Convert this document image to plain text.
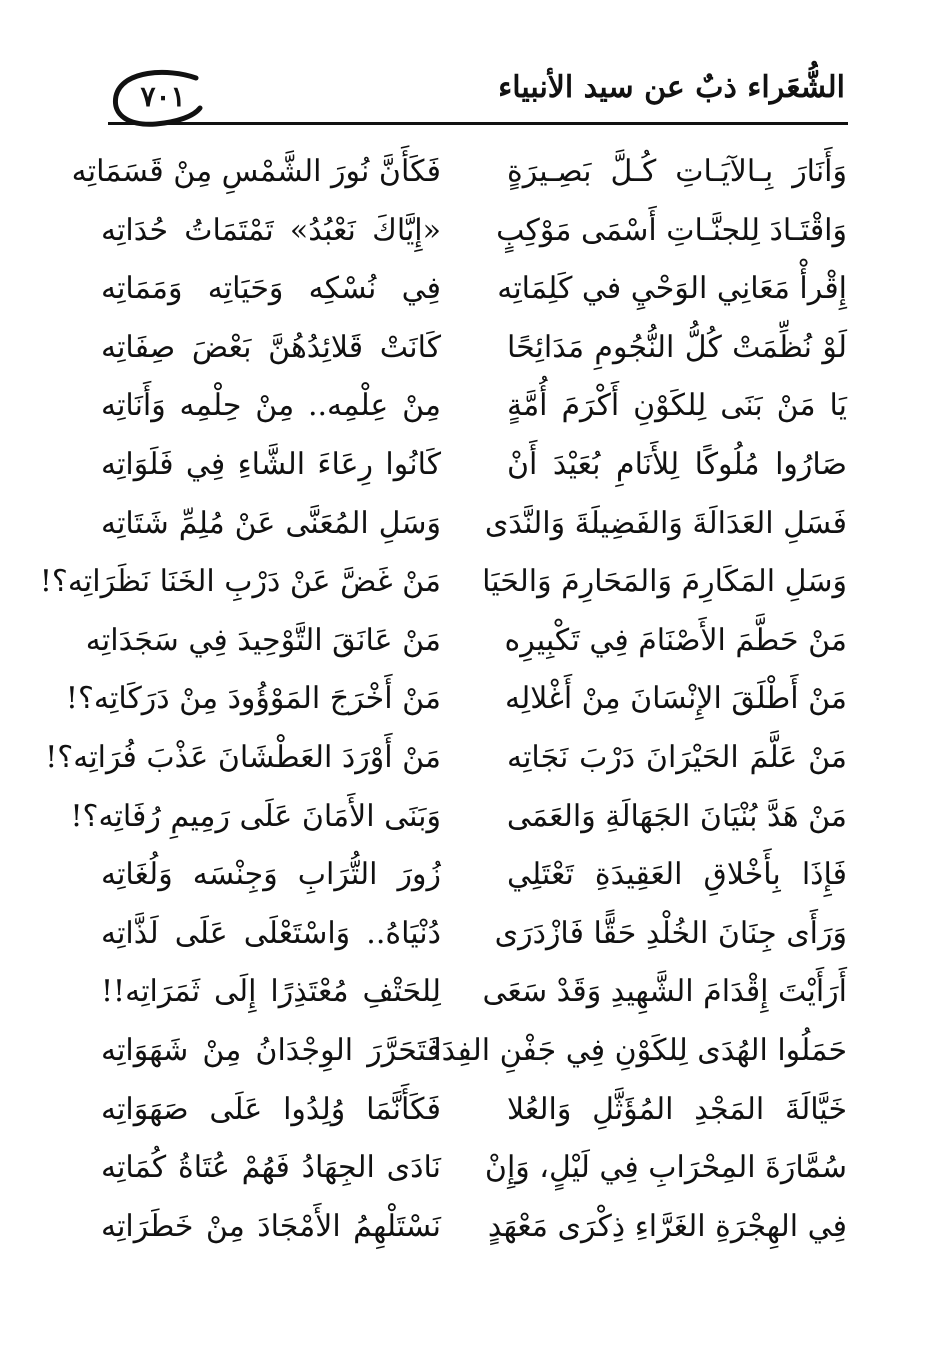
الشُّعَراء ذبٌ عن سيد الأنبياء
٧٠١
وَأَنَارَ بِـالآيَـاتِ كُـلَّ بَصِـيرَةٍ
وَاقْتَـادَ لِلجنَّـاتِ أَسْمَى مَوْكِبٍ
إِقْرأْ مَعَانِي الوَحْيِ في كَلِمَاتِه
لَوْ نُظِّمَتْ كُلُّ النُّجُومِ مَدَائِحًا
يَا مَنْ بَنَى لِلكَوْنِ أَكْرَمَ أُمَّةٍ
صَارُوا مُلُوكًا لِلأَنَامِ بُعَيْدَ أَنْ
فَسَلِ العَدَالَةَ وَالفَضِيلَةَ وَالنَّدَى
وَسَلِ المَكَارِمَ وَالمَحَارِمَ وَالحَيَا
مَنْ حَطَّمَ الأَصْنَامَ فِي تَكْبِيرِه
مَنْ أَطْلَقَ الإِنْسَانَ مِنْ أَغْلالِه
مَنْ عَلَّمَ الحَيْرَانَ دَرْبَ نَجَاتِه
مَنْ هَدَّ بُنْيَانَ الجَهَالَةِ وَالعَمَى
فَإِذَا بِأَخْلاقِ العَقِيدَةِ تَعْتَلِي
وَرَأَى جِنَانَ الخُلْدِ حَقًّا فَازْدَرَى
أَرَأَيْتَ إِقْدَامَ الشَّهِيدِ وَقَدْ سَعَى
حَمَلُوا الهُدَى لِلكَوْنِ فِي جَفْنِ الفِدَا
خَيَّالَةَ المَجْدِ المُؤَثَّلِ وَالعُلا
سُمَّارَةَ المِحْرَابِ فِي لَيْلٍ، وَإِنْ
فِي الهِجْرَةِ الغَرَّاءِ ذِكْرَى مَعْهَدٍ
فَكَأَنَّ نُورَ الشَّمْسِ مِنْ قَسَمَاتِه
«إِيَّاكَ نَعْبُدُ» تَمْتَمَاتُ حُدَاتِه
فِي نُسْكِه وَحَيَاتِه وَمَمَاتِه
كَانَتْ قَلائِدُهُنَّ بَعْضَ صِفَاتِه
مِنْ عِلْمِه.. مِنْ حِلْمِه وَأَنَاتِه
كَانُوا رِعَاءَ الشَّاءِ فِي فَلَوَاتِه
وَسَلِ المُعَنَّى عَنْ مُلِمِّ شَتَاتِه
مَنْ غَضَّ عَنْ دَرْبِ الخَنَا نَظَرَاتِه؟!
مَنْ عَانَقَ التَّوْحِيدَ فِي سَجَدَاتِه
مَنْ أَخْرَجَ المَوْؤُودَ مِنْ دَرَكَاتِه؟!
مَنْ أَوْرَدَ العَطْشَانَ عَذْبَ فُرَاتِه؟!
وَبَنَى الأَمَانَ عَلَى رَمِيمِ رُفَاتِه؟!
زُورَ التُّرَابِ وَجِنْسَه وَلُغَاتِه
دُنْيَاهُ.. وَاسْتَعْلَى عَلَى لَذَّاتِه
لِلحَتْفِ مُعْتَذِرًا إِلَى ثَمَرَاتِه!!
فَتَحَرَّرَ الوِجْدَانُ مِنْ شَهَوَاتِه
فَكَأَنَّمَا وُلِدُوا عَلَى صَهَوَاتِه
نَادَى الجِهَادُ فَهُمْ عُتَاةُ كُمَاتِه
نَسْتَلْهِمُ الأَمْجَادَ مِنْ خَطَرَاتِه
